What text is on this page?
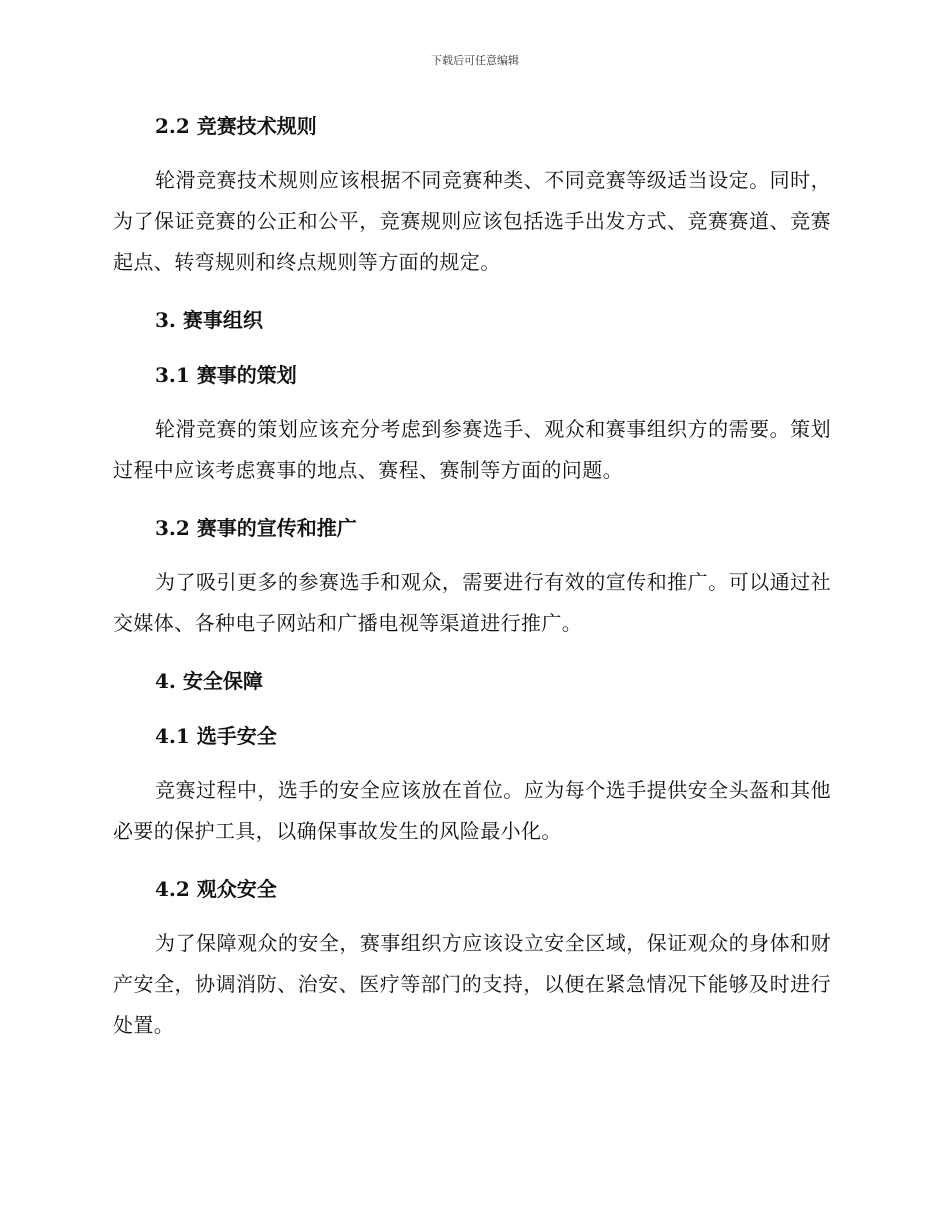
下载后可任意编辑
2.2 竞赛技术规则

轮滑竞赛技术规则应该根据不同竞赛种类、不同竞赛等级适当设定。同时，为了保证竞赛的公正和公平，竞赛规则应该包括选手出发方式、竞赛赛道、竞赛起点、转弯规则和终点规则等方面的规定。

3. 赛事组织
3.1 赛事的策划

轮滑竞赛的策划应该充分考虑到参赛选手、观众和赛事组织方的需要。策划过程中应该考虑赛事的地点、赛程、赛制等方面的问题。

3.2 赛事的宣传和推广

为了吸引更多的参赛选手和观众，需要进行有效的宣传和推广。可以通过社交媒体、各种电子网站和广播电视等渠道进行推广。

4. 安全保障
4.1 选手安全

竞赛过程中，选手的安全应该放在首位。应为每个选手提供安全头盔和其他必要的保护工具，以确保事故发生的风险最小化。

4.2 观众安全

为了保障观众的安全，赛事组织方应该设立安全区域，保证观众的身体和财产安全，协调消防、治安、医疗等部门的支持，以便在紧急情况下能够及时进行处置。
